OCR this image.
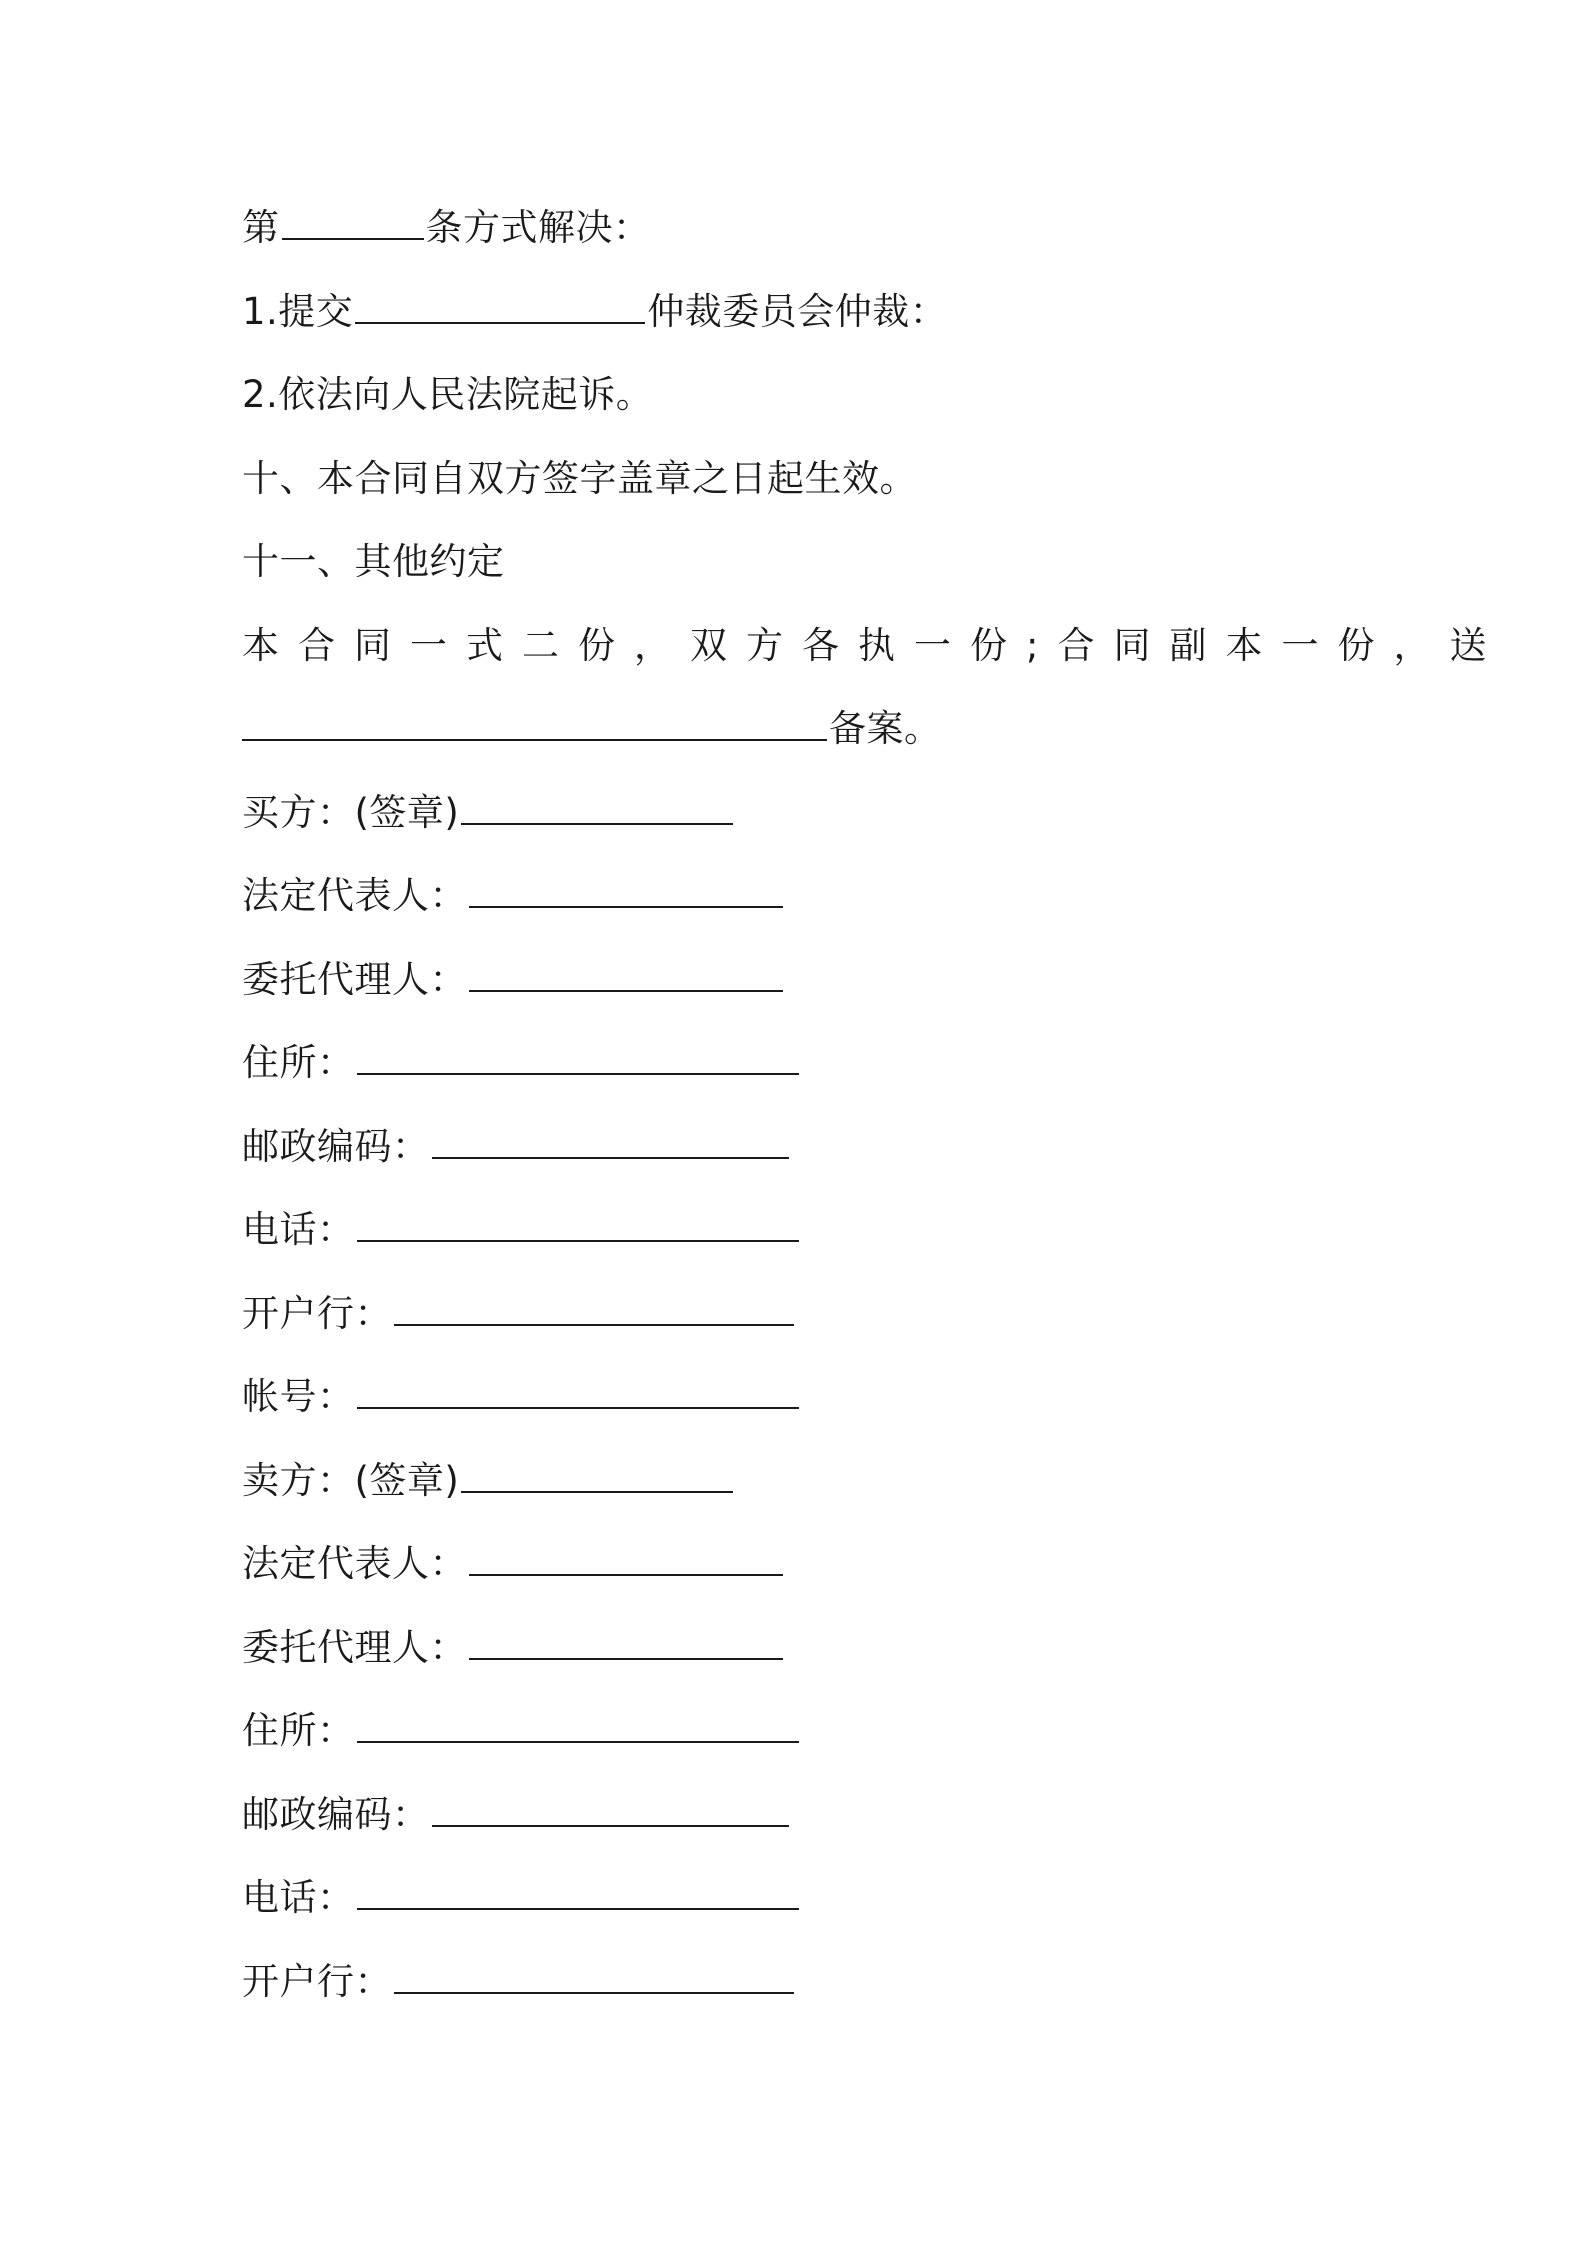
第	条方式解决：
1.提交	仲裁委员会仲裁：
2.依法向人民法院起诉。
十、本合同自双方签字盖章之日起生效。
十一、其他约定
本合同一式二份，双方各执一份;合同副本一份，送
备案。
买方：(签章)
法定代表人：
委托代理人：
住所：
邮政编码：
电话：
开户行：
帐号：
卖方：(签章)
法定代表人：
委托代理人：
住所：
邮政编码：
电话：
开户行：
